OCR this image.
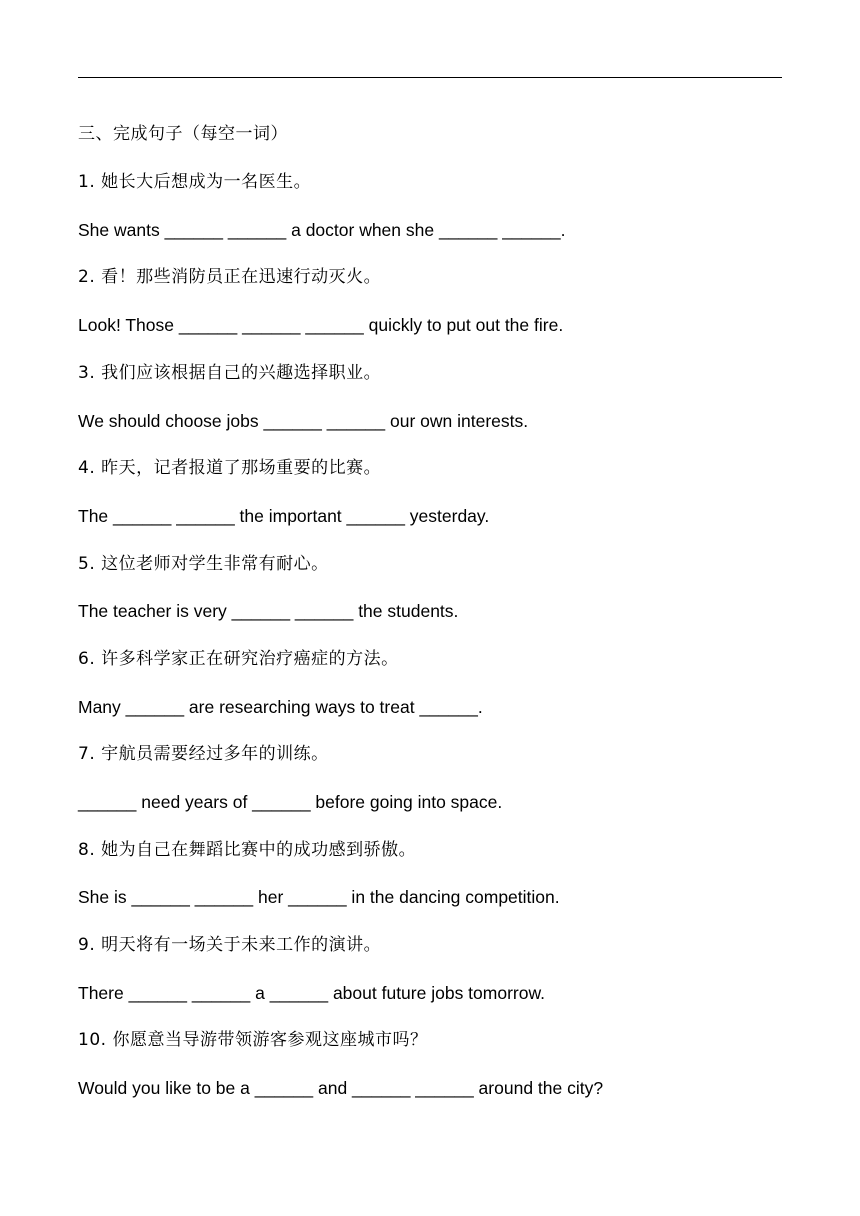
三、完成句子（每空一词）
1. 她长大后想成为一名医生。
She wants ______ ______ a doctor when she ______ ______.
2. 看！那些消防员正在迅速行动灭火。
Look! Those ______ ______ ______ quickly to put out the fire.
3. 我们应该根据自己的兴趣选择职业。
We should choose jobs ______ ______ our own interests.
4. 昨天，记者报道了那场重要的比赛。
The ______ ______ the important ______ yesterday.
5. 这位老师对学生非常有耐心。
The teacher is very ______ ______ the students.
6. 许多科学家正在研究治疗癌症的方法。
Many ______ are researching ways to treat ______.
7. 宇航员需要经过多年的训练。
______ need years of ______ before going into space.
8. 她为自己在舞蹈比赛中的成功感到骄傲。
She is ______ ______ her ______ in the dancing competition.
9. 明天将有一场关于未来工作的演讲。
There ______ ______ a ______ about future jobs tomorrow.
10. 你愿意当导游带领游客参观这座城市吗？
Would you like to be a ______ and ______ ______ around the city?
